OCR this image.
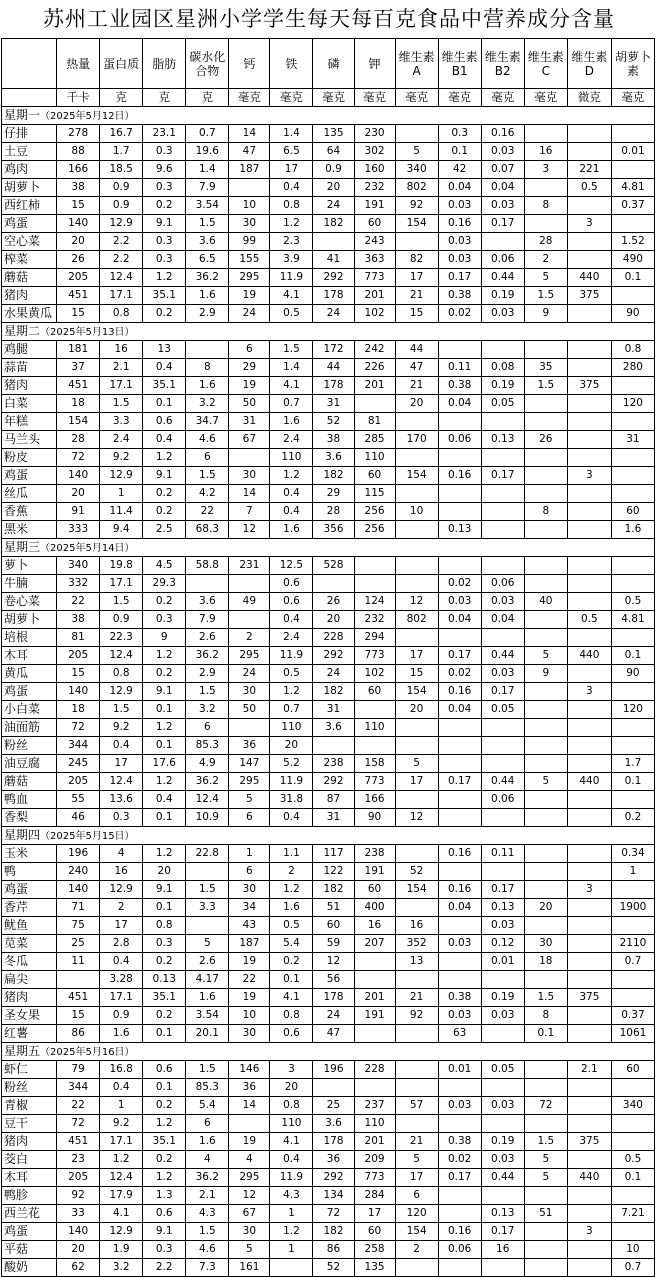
苏州工业园区星洲小学学生每天每百克食品中营养成分含量
	热量	蛋白质	脂肪	碳水化合物	钙	铁	磷	钾	维生素A	维生素B1	维生素B2	维生素C	维生素D	胡萝卜素
	千卡	克	克	克	毫克	毫克	毫克	毫克	毫克	毫克	毫克	毫克	微克	毫克
星期一（2025年5月12日）														
仔排	278	16.7	23.1	0.7	14	1.4	135	230		0.3	0.16			
土豆	88	1.7	0.3	19.6	47	6.5	64	302	5	0.1	0.03	16		0.01
鸡肉	166	18.5	9.6	1.4	187	17	0.9	160	340	42	0.07	3	221	
胡萝卜	38	0.9	0.3	7.9		0.4	20	232	802	0.04	0.04		0.5	4.81
西红柿	15	0.9	0.2	3.54	10	0.8	24	191	92	0.03	0.03	8		0.37
鸡蛋	140	12.9	9.1	1.5	30	1.2	182	60	154	0.16	0.17		3	
空心菜	20	2.2	0.3	3.6	99	2.3		243		0.03		28		1.52
榨菜	26	2.2	0.3	6.5	155	3.9	41	363	82	0.03	0.06	2		490
蘑菇	205	12.4	1.2	36.2	295	11.9	292	773	17	0.17	0.44	5	440	0.1
猪肉	451	17.1	35.1	1.6	19	4.1	178	201	21	0.38	0.19	1.5	375	
水果黄瓜	15	0.8	0.2	2.9	24	0.5	24	102	15	0.02	0.03	9		90
星期二（2025年5月13日）														
鸡腿	181	16	13		6	1.5	172	242	44					0.8
蒜苗	37	2.1	0.4	8	29	1.4	44	226	47	0.11	0.08	35		280
猪肉	451	17.1	35.1	1.6	19	4.1	178	201	21	0.38	0.19	1.5	375	
白菜	18	1.5	0.1	3.2	50	0.7	31		20	0.04	0.05			120
年糕	154	3.3	0.6	34.7	31	1.6	52	81						
马兰头	28	2.4	0.4	4.6	67	2.4	38	285	170	0.06	0.13	26		31
粉皮	72	9.2	1.2	6		110	3.6	110						
鸡蛋	140	12.9	9.1	1.5	30	1.2	182	60	154	0.16	0.17		3	
丝瓜	20	1	0.2	4.2	14	0.4	29	115						
香蕉	91	11.4	0.2	22	7	0.4	28	256	10			8		60
黑米	333	9.4	2.5	68.3	12	1.6	356	256		0.13				1.6
星期三（2025年5月14日）														
萝卜	340	19.8	4.5	58.8	231	12.5	528							
牛腩	332	17.1	29.3			0.6				0.02	0.06			
卷心菜	22	1.5	0.2	3.6	49	0.6	26	124	12	0.03	0.03	40		0.5
胡萝卜	38	0.9	0.3	7.9		0.4	20	232	802	0.04	0.04		0.5	4.81
培根	81	22.3	9	2.6	2	2.4	228	294						
木耳	205	12.4	1.2	36.2	295	11.9	292	773	17	0.17	0.44	5	440	0.1
黄瓜	15	0.8	0.2	2.9	24	0.5	24	102	15	0.02	0.03	9		90
鸡蛋	140	12.9	9.1	1.5	30	1.2	182	60	154	0.16	0.17		3	
小白菜	18	1.5	0.1	3.2	50	0.7	31		20	0.04	0.05			120
油面筋	72	9.2	1.2	6		110	3.6	110						
粉丝	344	0.4	0.1	85.3	36	20								
油豆腐	245	17	17.6	4.9	147	5.2	238	158	5					1.7
蘑菇	205	12.4	1.2	36.2	295	11.9	292	773	17	0.17	0.44	5	440	0.1
鸭血	55	13.6	0.4	12.4	5	31.8	87	166			0.06			
香梨	46	0.3	0.1	10.9	6	0.4	31	90	12					0.2
星期四（2025年5月15日）														
玉米	196	4	1.2	22.8	1	1.1	117	238		0.16	0.11			0.34
鸭	240	16	20		6	2	122	191	52					1
鸡蛋	140	12.9	9.1	1.5	30	1.2	182	60	154	0.16	0.17		3	
香芹	71	2	0.1	3.3	34	1.6	51	400		0.04	0.13	20		1900
鱿鱼	75	17	0.8		43	0.5	60	16	16		0.03			
苋菜	25	2.8	0.3	5	187	5.4	59	207	352	0.03	0.12	30		2110
冬瓜	11	0.4	0.2	2.6	19	0.2	12		13		0.01	18		0.7
扁尖		3.28	0.13	4.17	22	0.1	56							
猪肉	451	17.1	35.1	1.6	19	4.1	178	201	21	0.38	0.19	1.5	375	
圣女果	15	0.9	0.2	3.54	10	0.8	24	191	92	0.03	0.03	8		0.37
红薯	86	1.6	0.1	20.1	30	0.6	47			63		0.1		1061
星期五（2025年5月16日）														
虾仁	79	16.8	0.6	1.5	146	3	196	228		0.01	0.05		2.1	60
粉丝	344	0.4	0.1	85.3	36	20								
青椒	22	1	0.2	5.4	14	0.8	25	237	57	0.03	0.03	72		340
豆干	72	9.2	1.2	6		110	3.6	110						
猪肉	451	17.1	35.1	1.6	19	4.1	178	201	21	0.38	0.19	1.5	375	
茭白	23	1.2	0.2	4	4	0.4	36	209	5	0.02	0.03	5		0.5
木耳	205	12.4	1.2	36.2	295	11.9	292	773	17	0.17	0.44	5	440	0.1
鸭胗	92	17.9	1.3	2.1	12	4.3	134	284	6					
西兰花	33	4.1	0.6	4.3	67	1	72	17	120		0.13	51		7.21
鸡蛋	140	12.9	9.1	1.5	30	1.2	182	60	154	0.16	0.17		3	
平菇	20	1.9	0.3	4.6	5	1	86	258	2	0.06	16			10
酸奶	62	3.2	2.2	7.3	161		52	135						0.7
